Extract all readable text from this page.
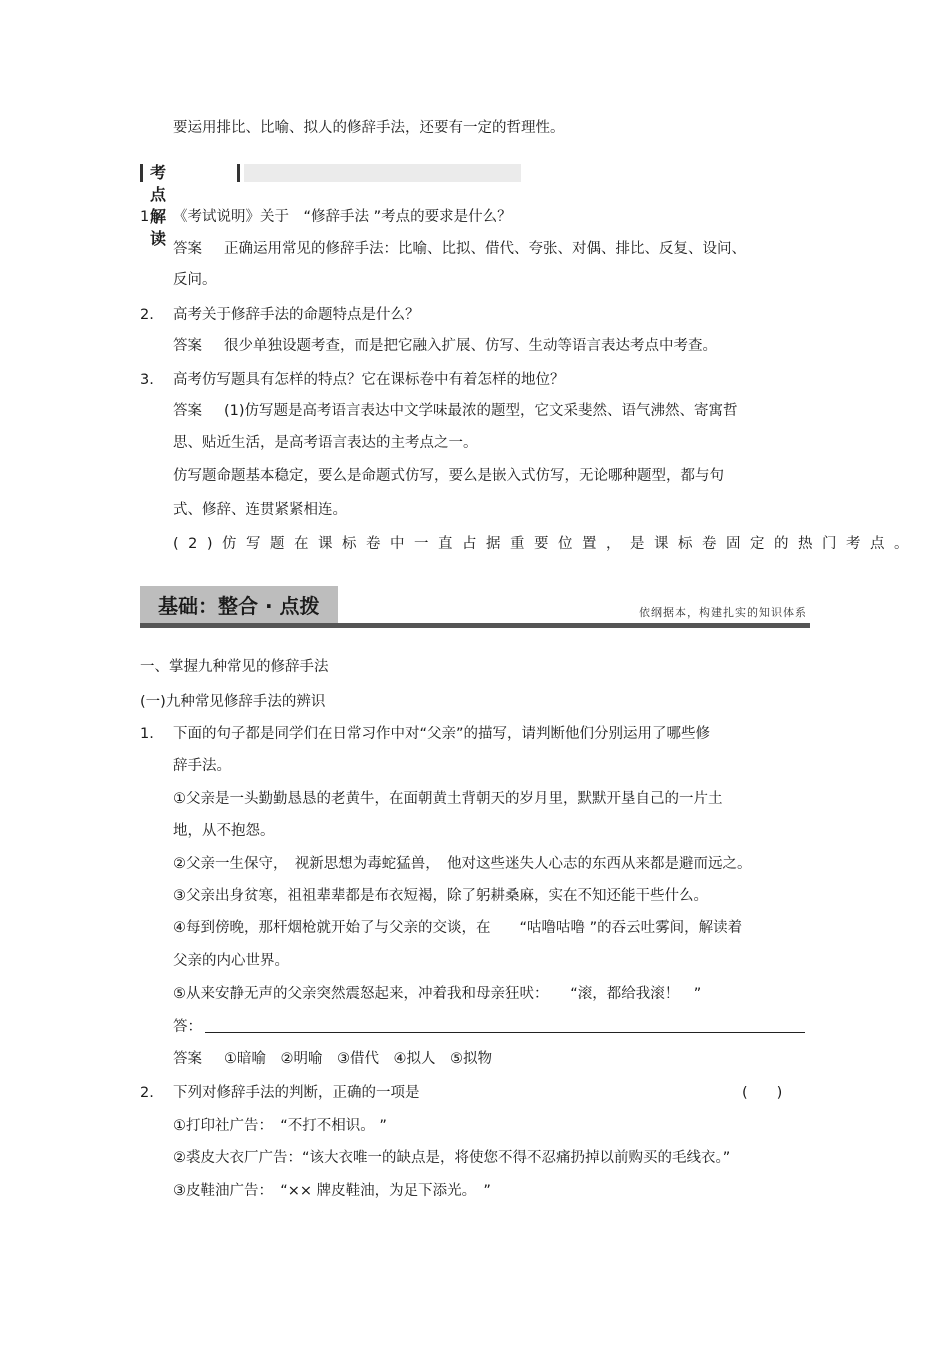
要运用排比、比喻、拟人的修辞手法，还要有一定的哲理性。
考点解读
1. 《考试说明》关于　“修辞手法 ”考点的要求是什么？
答案 正确运用常见的修辞手法：比喻、比拟、借代、夸张、对偶、排比、反复、设问、
反问。
2. 高考关于修辞手法的命题特点是什么？
答案 很少单独设题考查，而是把它融入扩展、仿写、生动等语言表达考点中考查。
3. 高考仿写题具有怎样的特点？它在课标卷中有着怎样的地位？
答案 (1)仿写题是高考语言表达中文学味最浓的题型，它文采斐然、语气沸然、寄寓哲
思、贴近生活，是高考语言表达的主考点之一。
仿写题命题基本稳定，要么是命题式仿写，要么是嵌入式仿写，无论哪种题型，都与句
式、修辞、连贯紧紧相连。
(2)仿写题在课标卷中一直占据重要位置，是课标卷固定的热门考点。
基础：整合 · 点拨	依纲据本，构建扎实的知识体系
一、掌握九种常见的修辞手法
(一)九种常见修辞手法的辨识
1. 下面的句子都是同学们在日常习作中对“父亲”的描写，请判断他们分别运用了哪些修
辞手法。
①父亲是一头勤勤恳恳的老黄牛，在面朝黄土背朝天的岁月里，默默开垦自己的一片土
地，从不抱怨。
②父亲一生保守，　视新思想为毒蛇猛兽，　他对这些迷失人心志的东西从来都是避而远之。
③父亲出身贫寒，祖祖辈辈都是布衣短褐，除了躬耕桑麻，实在不知还能干些什么。
④每到傍晚，那杆烟枪就开始了与父亲的交谈，在　　“咕噜咕噜 ”的吞云吐雾间，解读着
父亲的内心世界。
⑤从来安静无声的父亲突然震怒起来，冲着我和母亲狂吠：　　“滚，都给我滚！　”
答：
答案 ①暗喻　②明喻　③借代　④拟人　⑤拟物
2. 下列对修辞手法的判断，正确的一项是	(　　)
①打印社广告：　“不打不相识。 ”
②裘皮大衣厂广告：“该大衣唯一的缺点是，将使您不得不忍痛扔掉以前购买的毛线衣。”
③皮鞋油广告：　“×× 牌皮鞋油，为足下添光。　”
